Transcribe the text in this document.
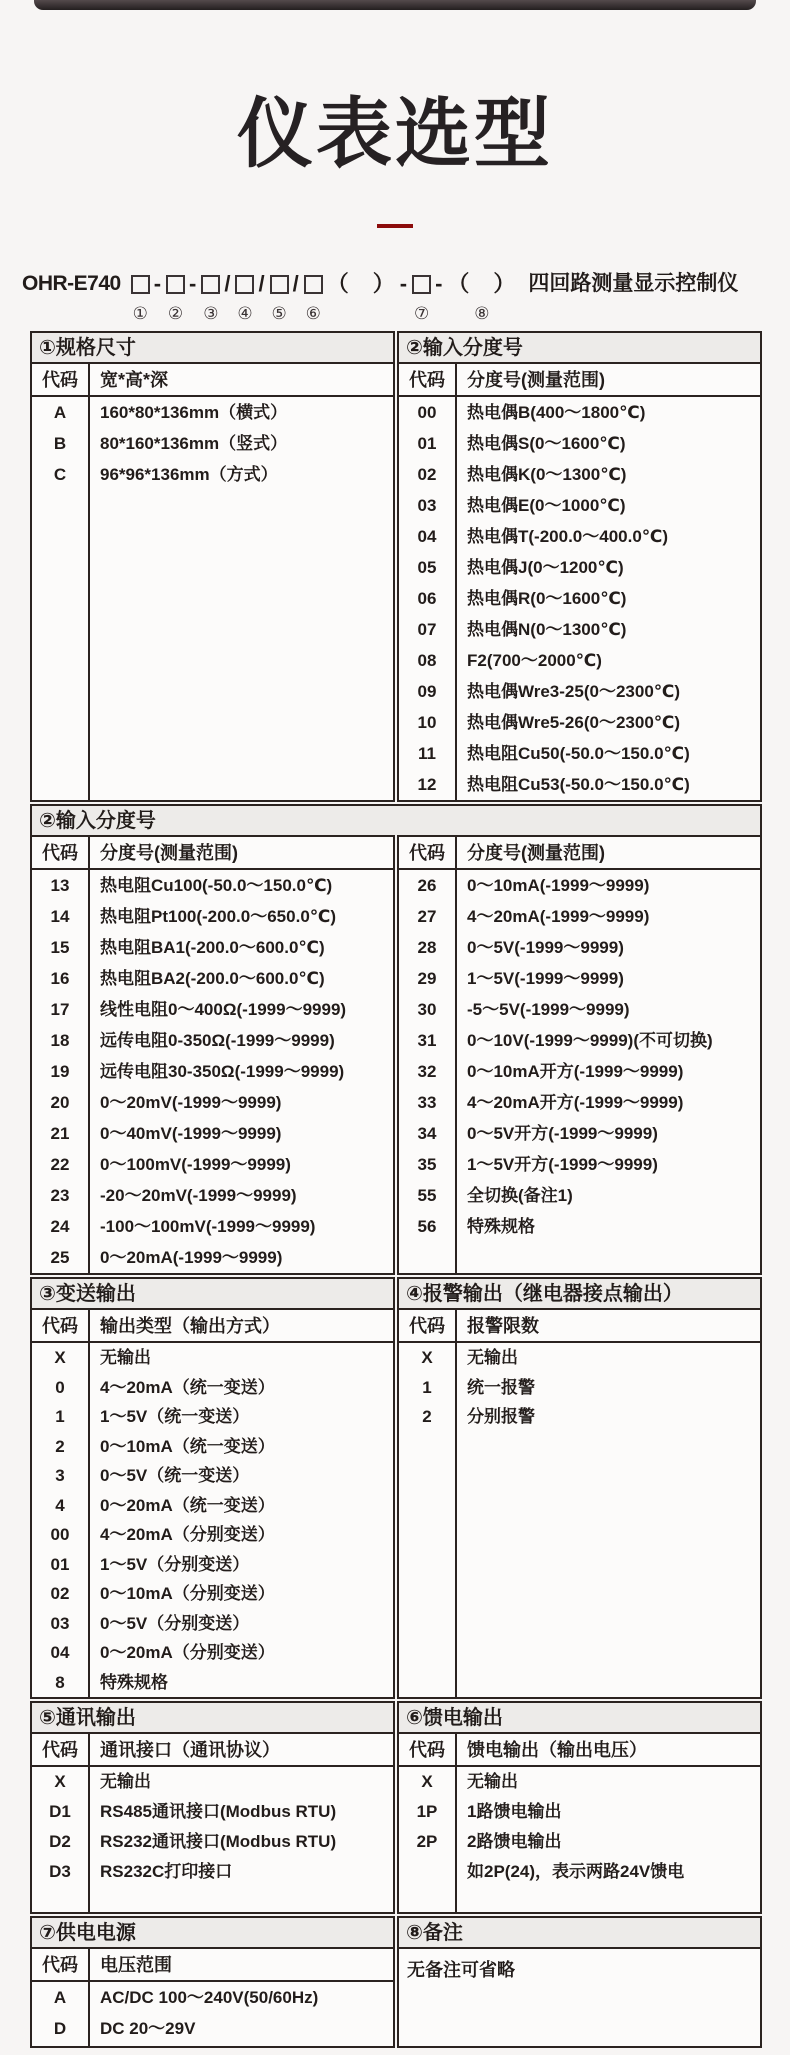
仪表选型
OHR-E740
①
-

②
-

③
/

④
/

⑤
/

⑥
（　）
-

⑦
-
（　）
⑧
四回路测量显示控制仪
①规格尺寸
代码	宽*高*深
A	160*80*136mm（横式）
B	80*160*136mm（竖式）
C	96*96*136mm（方式）
②输入分度号
代码	分度号(测量范围)
00	热电偶B(400～1800℃)
01	热电偶S(0～1600℃)
02	热电偶K(0～1300℃)
03	热电偶E(0～1000℃)
04	热电偶T(-200.0～400.0℃)
05	热电偶J(0～1200℃)
06	热电偶R(0～1600℃)
07	热电偶N(0～1300℃)
08	F2(700～2000℃)
09	热电偶Wre3-25(0～2300℃)
10	热电偶Wre5-26(0～2300℃)
11	热电阻Cu50(-50.0～150.0℃)
12	热电阻Cu53(-50.0～150.0℃)
②输入分度号
代码	分度号(测量范围)
13	热电阻Cu100(-50.0～150.0℃)
14	热电阻Pt100(-200.0～650.0℃)
15	热电阻BA1(-200.0～600.0℃)
16	热电阻BA2(-200.0～600.0℃)
17	线性电阻0～400Ω(-1999～9999)
18	远传电阻0-350Ω(-1999～9999)
19	远传电阻30-350Ω(-1999～9999)
20	0～20mV(-1999～9999)
21	0～40mV(-1999～9999)
22	0～100mV(-1999～9999)
23	-20～20mV(-1999～9999)
24	-100～100mV(-1999～9999)
25	0～20mA(-1999～9999)
代码	分度号(测量范围)
26	0～10mA(-1999～9999)
27	4～20mA(-1999～9999)
28	0～5V(-1999～9999)
29	1～5V(-1999～9999)
30	-5～5V(-1999～9999)
31	0～10V(-1999～9999)(不可切换)
32	0～10mA开方(-1999～9999)
33	4～20mA开方(-1999～9999)
34	0～5V开方(-1999～9999)
35	1～5V开方(-1999～9999)
55	全切换(备注1)
56	特殊规格
③变送输出
代码	输出类型（输出方式）
X	无输出
0	4～20mA（统一变送）
1	1～5V（统一变送）
2	0～10mA（统一变送）
3	0～5V（统一变送）
4	0～20mA（统一变送）
00	4～20mA（分别变送）
01	1～5V（分别变送）
02	0～10mA（分别变送）
03	0～5V（分别变送）
04	0～20mA（分别变送）
8	特殊规格
④报警输出（继电器接点输出）
代码	报警限数
X	无输出
1	统一报警
2	分别报警
⑤通讯输出
代码	通讯接口（通讯协议）
X	无输出
D1	RS485通讯接口(Modbus RTU)
D2	RS232通讯接口(Modbus RTU)
D3	RS232C打印接口
⑥馈电输出
代码	馈电输出（输出电压）
X	无输出
1P	1路馈电输出
2P	2路馈电输出
如2P(24)，表示两路24V馈电
⑦供电电源
代码	电压范围
A	AC/DC 100～240V(50/60Hz)
D	DC 20～29V
⑧备注
无备注可省略
